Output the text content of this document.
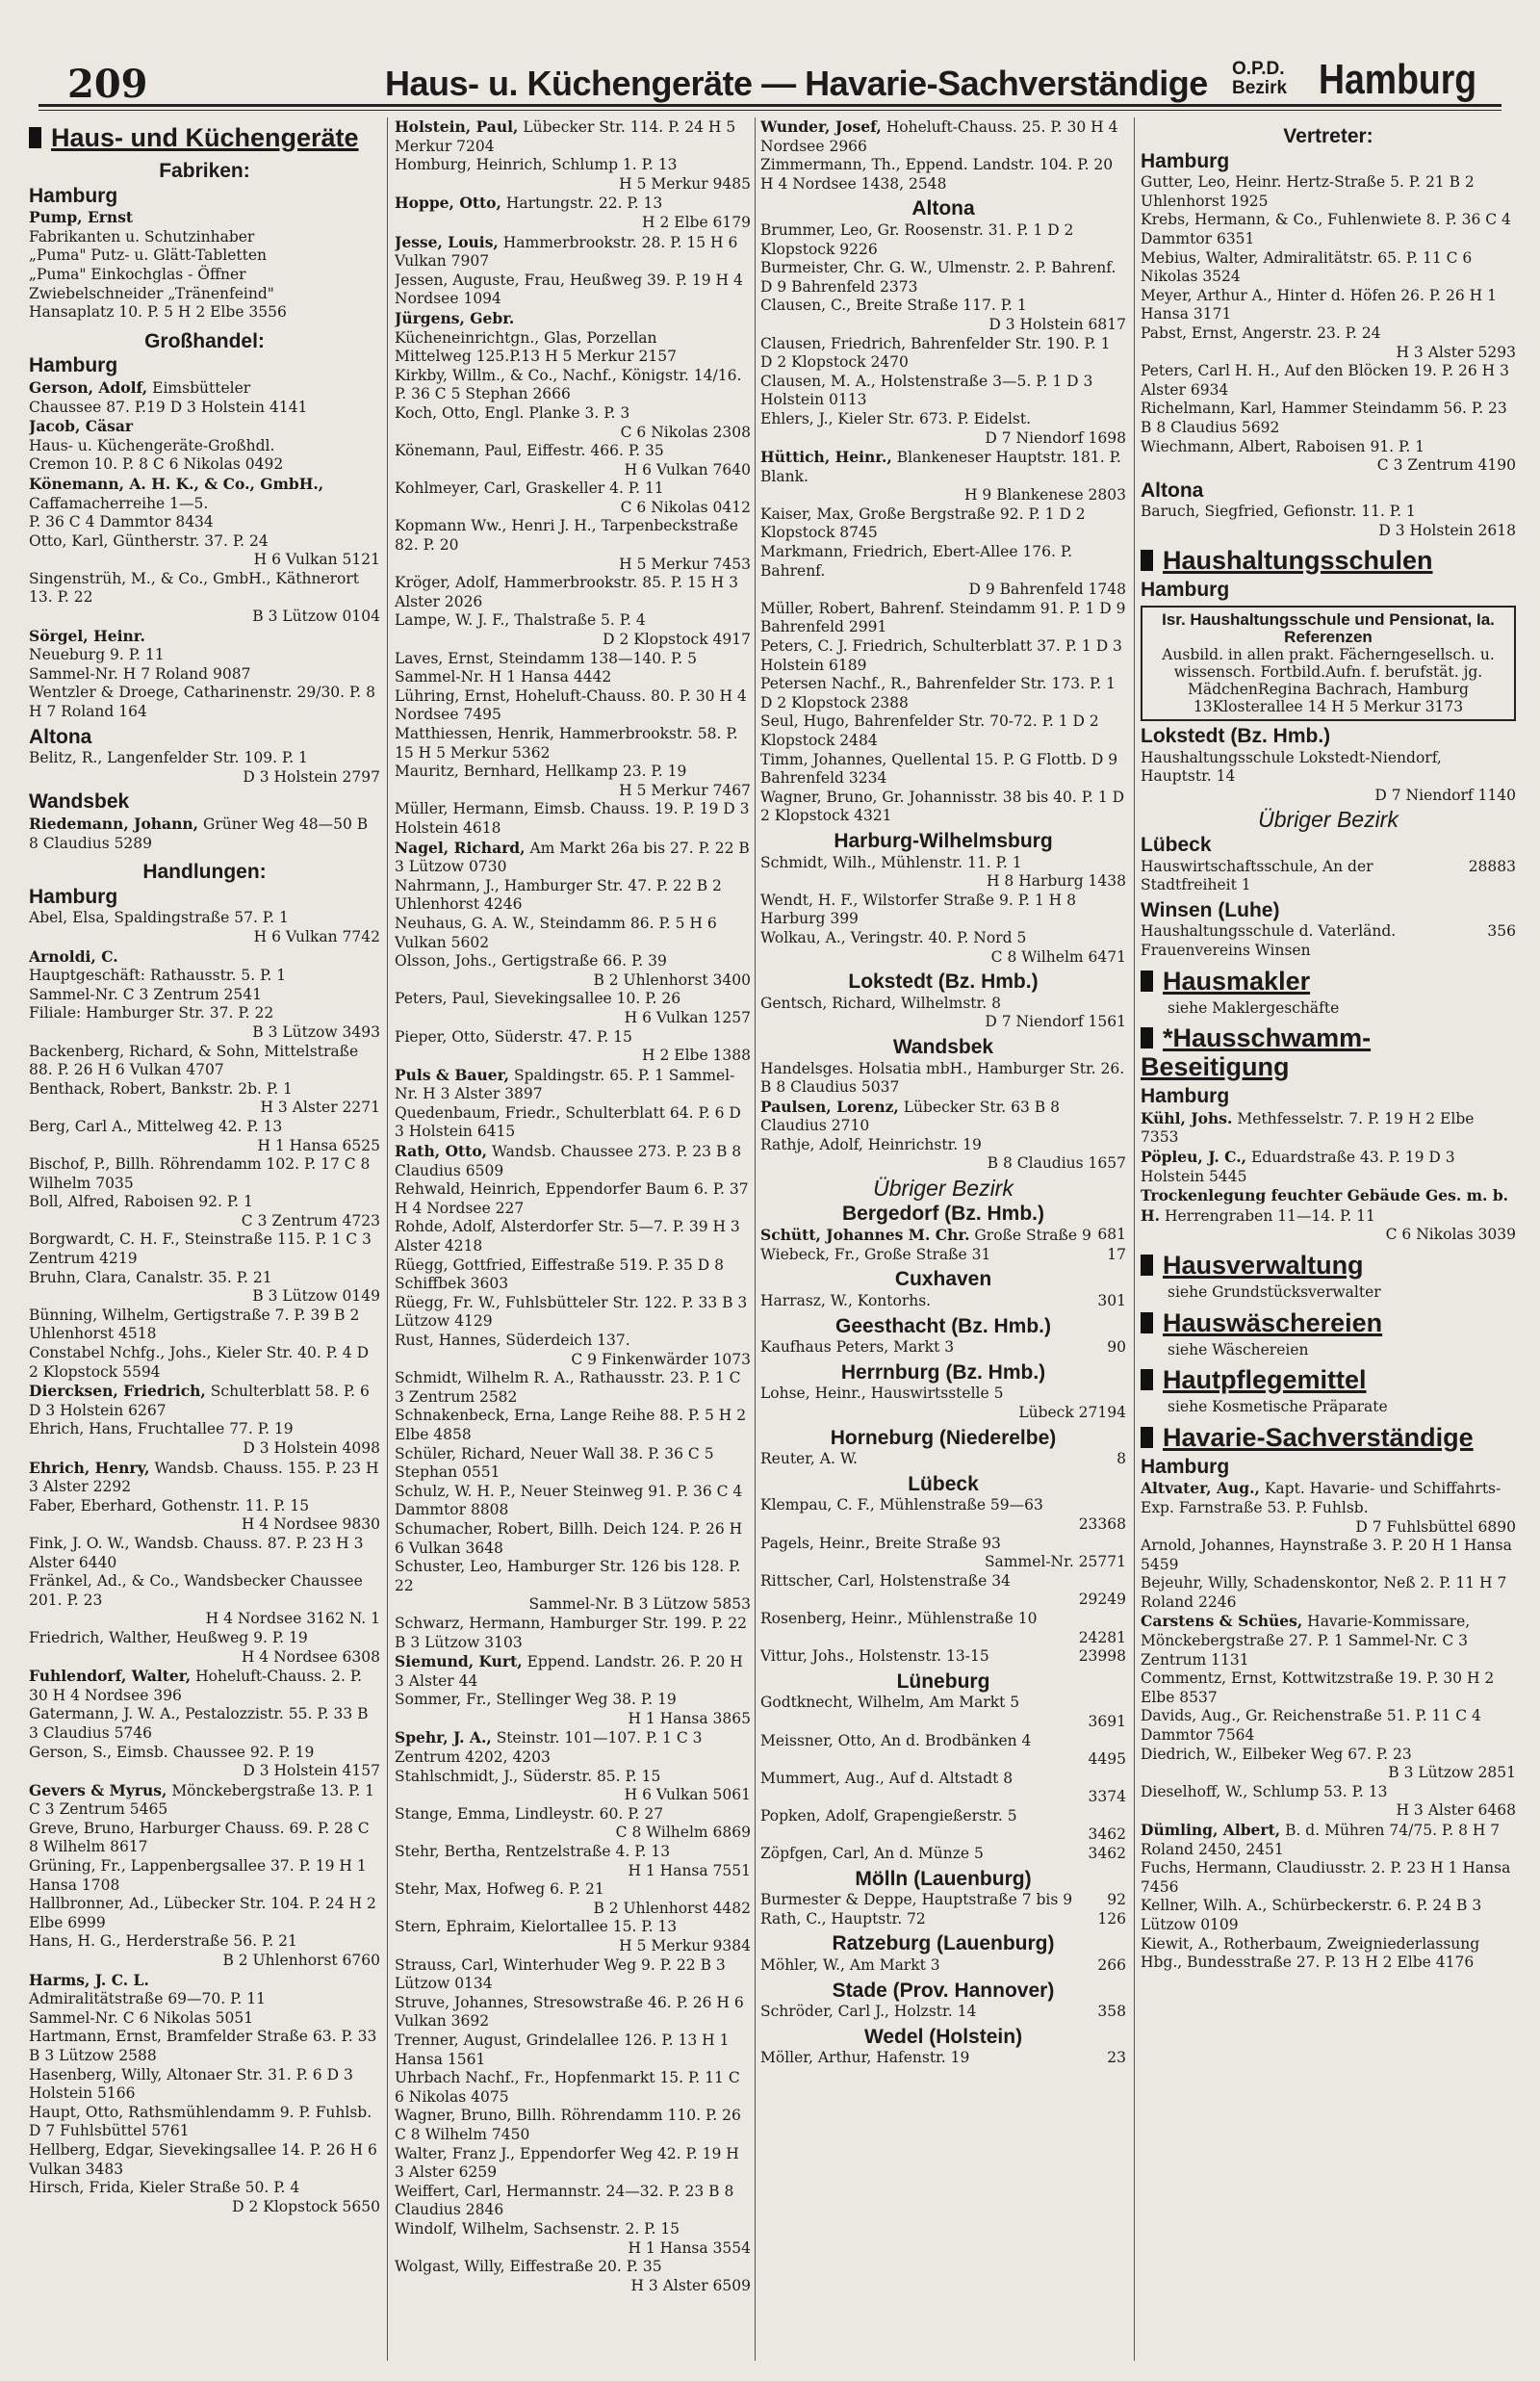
209	Haus- u. Küchengeräte — Havarie-Sachverständige O.P.D.
Bezirk Hamburg
Haus- und Küchengeräte
Fabriken:
Hamburg
Pump, Ernst
Fabrikanten u. Schutzinhaber
„Puma" Putz- u. Glätt-Tabletten
„Puma" Einkochglas - Öffner
Zwiebelschneider „Tränenfeind"
Hansaplatz 10. P. 5 H 2 Elbe 3556
Großhandel:
Hamburg
Gerson, Adolf, Eimsbütteler
Chaussee 87. P.19 D 3 Holstein 4141
Jacob, Cäsar
Haus- u. Küchengeräte-Großhdl.
Cremon 10. P. 8 C 6 Nikolas 0492
Könemann, A. H. K., & Co., GmbH., Caffamacherreihe 1—5.
P. 36 C 4 Dammtor 8434
Otto, Karl, Güntherstr. 37. P. 24
H 6 Vulkan 5121
Singenstrüh, M., & Co., GmbH., Käthnerort 13. P. 22
B 3 Lützow 0104
Sörgel, Heinr.
Neueburg 9. P. 11
Sammel-Nr. H 7 Roland 9087
Wentzler & Droege, Catharinenstr. 29/30. P. 8 H 7 Roland 164
Altona
Belitz, R., Langenfelder Str. 109. P. 1
D 3 Holstein 2797
Wandsbek
Riedemann, Johann, Grüner Weg 48—50 B 8 Claudius 5289
Handlungen:
Hamburg
Abel, Elsa, Spaldingstraße 57. P. 1
H 6 Vulkan 7742
Arnoldi, C.
Hauptgeschäft: Rathausstr. 5. P. 1
Sammel-Nr. C 3 Zentrum 2541
Filiale: Hamburger Str. 37. P. 22
B 3 Lützow 3493
Backenberg, Richard, & Sohn, Mittelstraße 88. P. 26 H 6 Vulkan 4707
Benthack, Robert, Bankstr. 2b. P. 1
H 3 Alster 2271
Berg, Carl A., Mittelweg 42. P. 13
H 1 Hansa 6525
Bischof, P., Billh. Röhrendamm 102. P. 17 C 8 Wilhelm 7035
Boll, Alfred, Raboisen 92. P. 1
C 3 Zentrum 4723
Borgwardt, C. H. F., Steinstraße 115. P. 1 C 3 Zentrum 4219
Bruhn, Clara, Canalstr. 35. P. 21
B 3 Lützow 0149
Bünning, Wilhelm, Gertigstraße 7. P. 39 B 2 Uhlenhorst 4518
Constabel Nchfg., Johs., Kieler Str. 40. P. 4 D 2 Klopstock 5594
Diercksen, Friedrich, Schulterblatt 58. P. 6 D 3 Holstein 6267
Ehrich, Hans, Fruchtallee 77. P. 19
D 3 Holstein 4098
Ehrich, Henry, Wandsb. Chauss. 155. P. 23 H 3 Alster 2292
Faber, Eberhard, Gothenstr. 11. P. 15
H 4 Nordsee 9830
Fink, J. O. W., Wandsb. Chauss. 87. P. 23 H 3 Alster 6440
Fränkel, Ad., & Co., Wandsbecker Chaussee 201. P. 23
H 4 Nordsee 3162 N. 1
Friedrich, Walther, Heußweg 9. P. 19
H 4 Nordsee 6308
Fuhlendorf, Walter, Hoheluft-Chauss. 2. P. 30 H 4 Nordsee 396
Gatermann, J. W. A., Pestalozzistr. 55. P. 33 B 3 Claudius 5746
Gerson, S., Eimsb. Chaussee 92. P. 19
D 3 Holstein 4157
Gevers & Myrus, Mönckebergstraße 13. P. 1 C 3 Zentrum 5465
Greve, Bruno, Harburger Chauss. 69. P. 28 C 8 Wilhelm 8617
Grüning, Fr., Lappenbergsallee 37. P. 19 H 1 Hansa 1708
Hallbronner, Ad., Lübecker Str. 104. P. 24 H 2 Elbe 6999
Hans, H. G., Herderstraße 56. P. 21
B 2 Uhlenhorst 6760
Harms, J. C. L.
Admiralitätstraße 69—70. P. 11
Sammel-Nr. C 6 Nikolas 5051
Hartmann, Ernst, Bramfelder Straße 63. P. 33 B 3 Lützow 2588
Hasenberg, Willy, Altonaer Str. 31. P. 6 D 3 Holstein 5166
Haupt, Otto, Rathsmühlendamm 9. P. Fuhlsb. D 7 Fuhlsbüttel 5761
Hellberg, Edgar, Sievekingsallee 14. P. 26 H 6 Vulkan 3483
Hirsch, Frida, Kieler Straße 50. P. 4
D 2 Klopstock 5650
Holstein, Paul, Lübecker Str. 114. P. 24 H 5 Merkur 7204
Homburg, Heinrich, Schlump 1. P. 13
H 5 Merkur 9485
Hoppe, Otto, Hartungstr. 22. P. 13
H 2 Elbe 6179
Jesse, Louis, Hammerbrookstr. 28. P. 15 H 6 Vulkan 7907
Jessen, Auguste, Frau, Heußweg 39. P. 19 H 4 Nordsee 1094
Jürgens, Gebr.
Kücheneinrichtgn., Glas, Porzellan
Mittelweg 125.P.13 H 5 Merkur 2157
Kirkby, Willm., & Co., Nachf., Königstr. 14/16. P. 36 C 5 Stephan 2666
Koch, Otto, Engl. Planke 3. P. 3
C 6 Nikolas 2308
Könemann, Paul, Eiffestr. 466. P. 35
H 6 Vulkan 7640
Kohlmeyer, Carl, Graskeller 4. P. 11
C 6 Nikolas 0412
Kopmann Ww., Henri J. H., Tarpenbeckstraße 82. P. 20
H 5 Merkur 7453
Kröger, Adolf, Hammerbrookstr. 85. P. 15 H 3 Alster 2026
Lampe, W. J. F., Thalstraße 5. P. 4
D 2 Klopstock 4917
Laves, Ernst, Steindamm 138—140. P. 5 Sammel-Nr. H 1 Hansa 4442
Lühring, Ernst, Hoheluft-Chauss. 80. P. 30 H 4 Nordsee 7495
Matthiessen, Henrik, Hammerbrookstr. 58. P. 15 H 5 Merkur 5362
Mauritz, Bernhard, Hellkamp 23. P. 19
H 5 Merkur 7467
Müller, Hermann, Eimsb. Chauss. 19. P. 19 D 3 Holstein 4618
Nagel, Richard, Am Markt 26a bis 27. P. 22 B 3 Lützow 0730
Nahrmann, J., Hamburger Str. 47. P. 22 B 2 Uhlenhorst 4246
Neuhaus, G. A. W., Steindamm 86. P. 5 H 6 Vulkan 5602
Olsson, Johs., Gertigstraße 66. P. 39
B 2 Uhlenhorst 3400
Peters, Paul, Sievekingsallee 10. P. 26
H 6 Vulkan 1257
Pieper, Otto, Süderstr. 47. P. 15
H 2 Elbe 1388
Puls & Bauer, Spaldingstr. 65. P. 1 Sammel-Nr. H 3 Alster 3897
Quedenbaum, Friedr., Schulterblatt 64. P. 6 D 3 Holstein 6415
Rath, Otto, Wandsb. Chaussee 273. P. 23 B 8 Claudius 6509
Rehwald, Heinrich, Eppendorfer Baum 6. P. 37 H 4 Nordsee 227
Rohde, Adolf, Alsterdorfer Str. 5—7. P. 39 H 3 Alster 4218
Rüegg, Gottfried, Eiffestraße 519. P. 35 D 8 Schiffbek 3603
Rüegg, Fr. W., Fuhlsbütteler Str. 122. P. 33 B 3 Lützow 4129
Rust, Hannes, Süderdeich 137.
C 9 Finkenwärder 1073
Schmidt, Wilhelm R. A., Rathausstr. 23. P. 1 C 3 Zentrum 2582
Schnakenbeck, Erna, Lange Reihe 88. P. 5 H 2 Elbe 4858
Schüler, Richard, Neuer Wall 38. P. 36 C 5 Stephan 0551
Schulz, W. H. P., Neuer Steinweg 91. P. 36 C 4 Dammtor 8808
Schumacher, Robert, Billh. Deich 124. P. 26 H 6 Vulkan 3648
Schuster, Leo, Hamburger Str. 126 bis 128. P. 22
Sammel-Nr. B 3 Lützow 5853
Schwarz, Hermann, Hamburger Str. 199. P. 22 B 3 Lützow 3103
Siemund, Kurt, Eppend. Landstr. 26. P. 20 H 3 Alster 44
Sommer, Fr., Stellinger Weg 38. P. 19
H 1 Hansa 3865
Spehr, J. A., Steinstr. 101—107. P. 1 C 3 Zentrum 4202, 4203
Stahlschmidt, J., Süderstr. 85. P. 15
H 6 Vulkan 5061
Stange, Emma, Lindleystr. 60. P. 27
C 8 Wilhelm 6869
Stehr, Bertha, Rentzelstraße 4. P. 13
H 1 Hansa 7551
Stehr, Max, Hofweg 6. P. 21
B 2 Uhlenhorst 4482
Stern, Ephraim, Kielortallee 15. P. 13
H 5 Merkur 9384
Strauss, Carl, Winterhuder Weg 9. P. 22 B 3 Lützow 0134
Struve, Johannes, Stresowstraße 46. P. 26 H 6 Vulkan 3692
Trenner, August, Grindelallee 126. P. 13 H 1 Hansa 1561
Uhrbach Nachf., Fr., Hopfenmarkt 15. P. 11 C 6 Nikolas 4075
Wagner, Bruno, Billh. Röhrendamm 110. P. 26 C 8 Wilhelm 7450
Walter, Franz J., Eppendorfer Weg 42. P. 19 H 3 Alster 6259
Weiffert, Carl, Hermannstr. 24—32. P. 23 B 8 Claudius 2846
Windolf, Wilhelm, Sachsenstr. 2. P. 15
H 1 Hansa 3554
Wolgast, Willy, Eiffestraße 20. P. 35
H 3 Alster 6509
Wunder, Josef, Hoheluft-Chauss. 25. P. 30 H 4 Nordsee 2966
Zimmermann, Th., Eppend. Landstr. 104. P. 20 H 4 Nordsee 1438, 2548
Altona
Brummer, Leo, Gr. Roosenstr. 31. P. 1 D 2 Klopstock 9226
Burmeister, Chr. G. W., Ulmenstr. 2. P. Bahrenf. D 9 Bahrenfeld 2373
Clausen, C., Breite Straße 117. P. 1
D 3 Holstein 6817
Clausen, Friedrich, Bahrenfelder Str. 190. P. 1 D 2 Klopstock 2470
Clausen, M. A., Holstenstraße 3—5. P. 1 D 3 Holstein 0113
Ehlers, J., Kieler Str. 673. P. Eidelst.
D 7 Niendorf 1698
Hüttich, Heinr., Blankeneser Hauptstr. 181. P. Blank.
H 9 Blankenese 2803
Kaiser, Max, Große Bergstraße 92. P. 1 D 2 Klopstock 8745
Markmann, Friedrich, Ebert-Allee 176. P. Bahrenf.
D 9 Bahrenfeld 1748
Müller, Robert, Bahrenf. Steindamm 91. P. 1 D 9 Bahrenfeld 2991
Peters, C. J. Friedrich, Schulterblatt 37. P. 1 D 3 Holstein 6189
Petersen Nachf., R., Bahrenfelder Str. 173. P. 1 D 2 Klopstock 2388
Seul, Hugo, Bahrenfelder Str. 70-72. P. 1 D 2 Klopstock 2484
Timm, Johannes, Quellental 15. P. G Flottb. D 9 Bahrenfeld 3234
Wagner, Bruno, Gr. Johannisstr. 38 bis 40. P. 1 D 2 Klopstock 4321
Harburg-Wilhelmsburg
Schmidt, Wilh., Mühlenstr. 11. P. 1
H 8 Harburg 1438
Wendt, H. F., Wilstorfer Straße 9. P. 1 H 8 Harburg 399
Wolkau, A., Veringstr. 40. P. Nord 5
C 8 Wilhelm 6471
Lokstedt (Bz. Hmb.)
Gentsch, Richard, Wilhelmstr. 8
D 7 Niendorf 1561
Wandsbek
Handelsges. Holsatia mbH., Hamburger Str. 26. B 8 Claudius 5037
Paulsen, Lorenz, Lübecker Str. 63 B 8 Claudius 2710
Rathje, Adolf, Heinrichstr. 19
B 8 Claudius 1657
Übriger Bezirk
Bergedorf (Bz. Hmb.)
681
Schütt, Johannes M. Chr. Große Straße 9
17
Wiebeck, Fr., Große Straße 31
Cuxhaven
301
Harrasz, W., Kontorhs.
Geesthacht (Bz. Hmb.)
90
Kaufhaus Peters, Markt 3
Herrnburg (Bz. Hmb.)
Lohse, Heinr., Hauswirtsstelle 5
Lübeck 27194
Horneburg (Niederelbe)
8
Reuter, A. W.
Lübeck
Klempau, C. F., Mühlenstraße 59—63
23368
Pagels, Heinr., Breite Straße 93
Sammel-Nr. 25771
Rittscher, Carl, Holstenstraße 34
29249
Rosenberg, Heinr., Mühlenstraße 10
24281
23998
Vittur, Johs., Holstenstr. 13-15
Lüneburg
Godtknecht, Wilhelm, Am Markt 5
3691
Meissner, Otto, An d. Brodbänken 4
4495
Mummert, Aug., Auf d. Altstadt 8
3374
Popken, Adolf, Grapengießerstr. 5
3462
3462
Zöpfgen, Carl, An d. Münze 5
Mölln (Lauenburg)
92
Burmester & Deppe, Hauptstraße 7 bis 9
126
Rath, C., Hauptstr. 72
Ratzeburg (Lauenburg)
266
Möhler, W., Am Markt 3
Stade (Prov. Hannover)
358
Schröder, Carl J., Holzstr. 14
Wedel (Holstein)
23
Möller, Arthur, Hafenstr. 19
Vertreter:
Hamburg
Gutter, Leo, Heinr. Hertz-Straße 5. P. 21 B 2 Uhlenhorst 1925
Krebs, Hermann, & Co., Fuhlenwiete 8. P. 36 C 4 Dammtor 6351
Mebius, Walter, Admiralitätstr. 65. P. 11 C 6 Nikolas 3524
Meyer, Arthur A., Hinter d. Höfen 26. P. 26 H 1 Hansa 3171
Pabst, Ernst, Angerstr. 23. P. 24
H 3 Alster 5293
Peters, Carl H. H., Auf den Blöcken 19. P. 26 H 3 Alster 6934
Richelmann, Karl, Hammer Steindamm 56. P. 23 B 8 Claudius 5692
Wiechmann, Albert, Raboisen 91. P. 1
C 3 Zentrum 4190
Altona
Baruch, Siegfried, Gefionstr. 11. P. 1
D 3 Holstein 2618
Haushaltungsschulen
Hamburg
Isr. Haushaltungsschule und Pensionat, Ia. Referenzen
Ausbild. in allen prakt. Fächerngesellsch. u. wissensch. Fortbild.Aufn. f. berufstät. jg. MädchenRegina Bachrach, Hamburg 13Klosterallee 14 H 5 Merkur 3173
Lokstedt (Bz. Hmb.)
Haushaltungsschule Lokstedt-Niendorf, Hauptstr. 14
D 7 Niendorf 1140
Übriger Bezirk
Lübeck
28883
Hauswirtschaftsschule, An der Stadtfreiheit 1
Winsen (Luhe)
356
Haushaltungsschule d. Vaterländ. Frauenvereins Winsen
Hausmakler
siehe Maklergeschäfte
*Hausschwamm-Beseitigung
Hamburg
Kühl, Johs. Methfesselstr. 7. P. 19 H 2 Elbe 7353
Pöpleu, J. C., Eduardstraße 43. P. 19 D 3 Holstein 5445
Trockenlegung feuchter Gebäude Ges. m. b. H. Herrengraben 11—14. P. 11
C 6 Nikolas 3039
Hausverwaltung
siehe Grundstücksverwalter
Hauswäschereien
siehe Wäschereien
Hautpflegemittel
siehe Kosmetische Präparate
Havarie-Sachverständige
Hamburg
Altvater, Aug., Kapt. Havarie- und Schiffahrts-Exp. Farnstraße 53. P. Fuhlsb.
D 7 Fuhlsbüttel 6890
Arnold, Johannes, Haynstraße 3. P. 20 H 1 Hansa 5459
Bejeuhr, Willy, Schadenskontor, Neß 2. P. 11 H 7 Roland 2246
Carstens & Schües, Havarie-Kommissare, Mönckebergstraße 27. P. 1 Sammel-Nr. C 3 Zentrum 1131
Commentz, Ernst, Kottwitzstraße 19. P. 30 H 2 Elbe 8537
Davids, Aug., Gr. Reichenstraße 51. P. 11 C 4 Dammtor 7564
Diedrich, W., Eilbeker Weg 67. P. 23
B 3 Lützow 2851
Dieselhoff, W., Schlump 53. P. 13
H 3 Alster 6468
Dümling, Albert, B. d. Mühren 74/75. P. 8 H 7 Roland 2450, 2451
Fuchs, Hermann, Claudiusstr. 2. P. 23 H 1 Hansa 7456
Kellner, Wilh. A., Schürbeckerstr. 6. P. 24 B 3 Lützow 0109
Kiewit, A., Rotherbaum, Zweigniederlassung Hbg., Bundesstraße 27. P. 13 H 2 Elbe 4176
